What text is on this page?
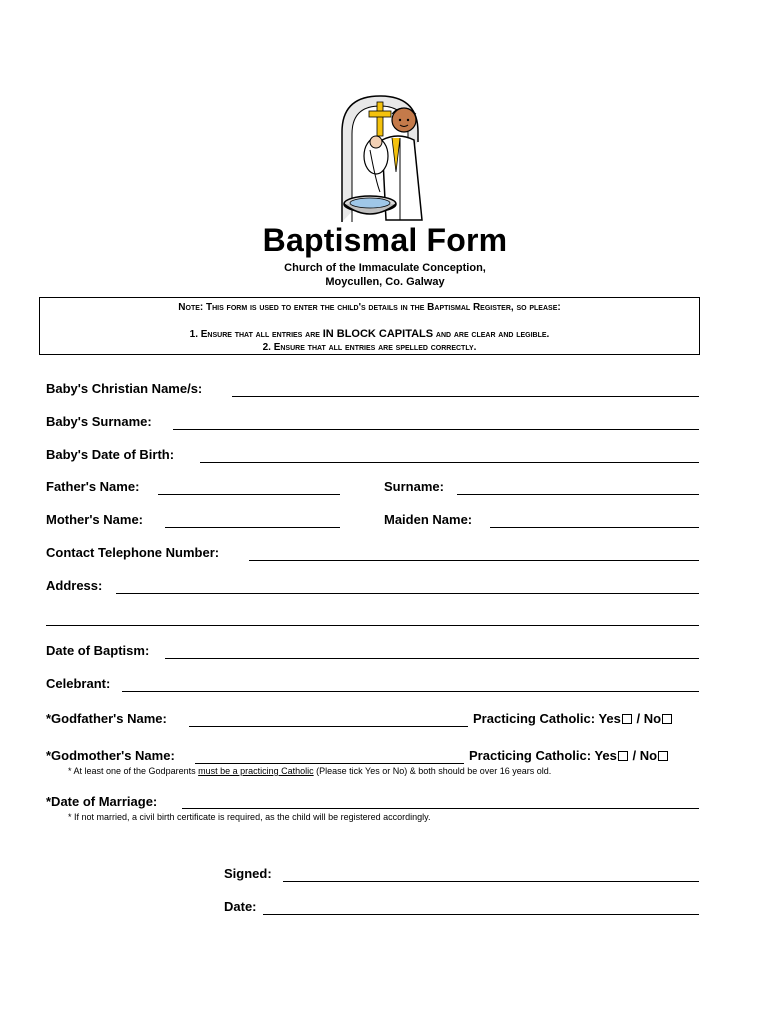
Baptismal Form
Church of the Immaculate Conception,
Moycullen, Co. Galway
Note: This form is used to enter the child's details in the Baptismal Register, so please:
1. Ensure that all entries are IN BLOCK CAPITALS and are clear and legible.
2. Ensure that all entries are spelled correctly.
Baby's Christian Name/s:
Baby's Surname:
Baby's Date of Birth:
Father's Name:	Surname:
Mother's Name:	Maiden Name:
Contact Telephone Number:
Address:
Date of Baptism:
Celebrant:
*Godfather's Name:	Practicing Catholic: Yes / No
*Godmother's Name:	Practicing Catholic: Yes / No
* At least one of the Godparents must be a practicing Catholic (Please tick Yes or No) & both should be over 16 years old.
*Date of Marriage:
* If not married, a civil birth certificate is required, as the child will be registered accordingly.
Signed:
Date:
